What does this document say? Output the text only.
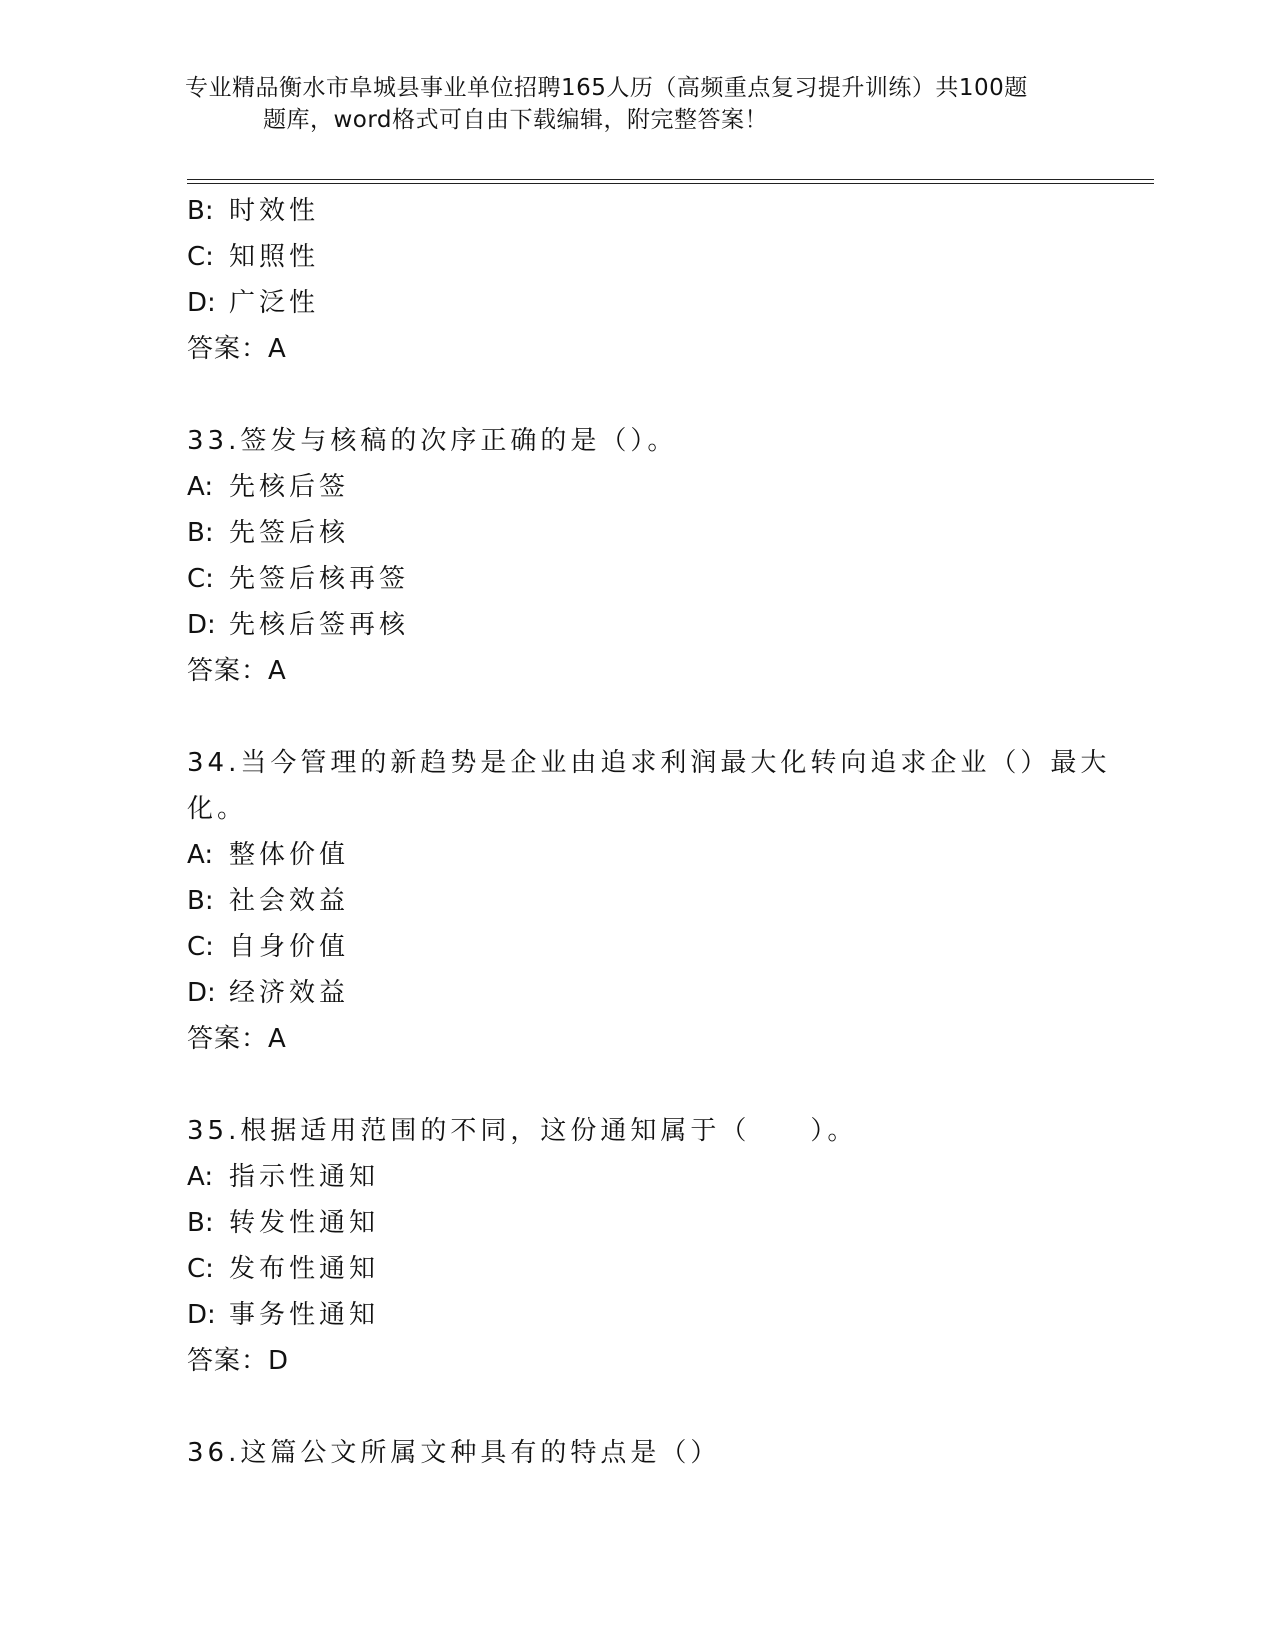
专业精品衡水市阜城县事业单位招聘165人历（高频重点复习提升训练）共100题
题库，word格式可自由下载编辑，附完整答案！
B: 时效性
C: 知照性
D: 广泛性
答案：A
33.签发与核稿的次序正确的是（）。
A: 先核后签
B: 先签后核
C: 先签后核再签
D: 先核后签再核
答案：A
34.当今管理的新趋势是企业由追求利润最大化转向追求企业（）最大
化。
A: 整体价值
B: 社会效益
C: 自身价值
D: 经济效益
答案：A
35.根据适用范围的不同，这份通知属于（　　）。
A: 指示性通知
B: 转发性通知
C: 发布性通知
D: 事务性通知
答案：D
36.这篇公文所属文种具有的特点是（）
